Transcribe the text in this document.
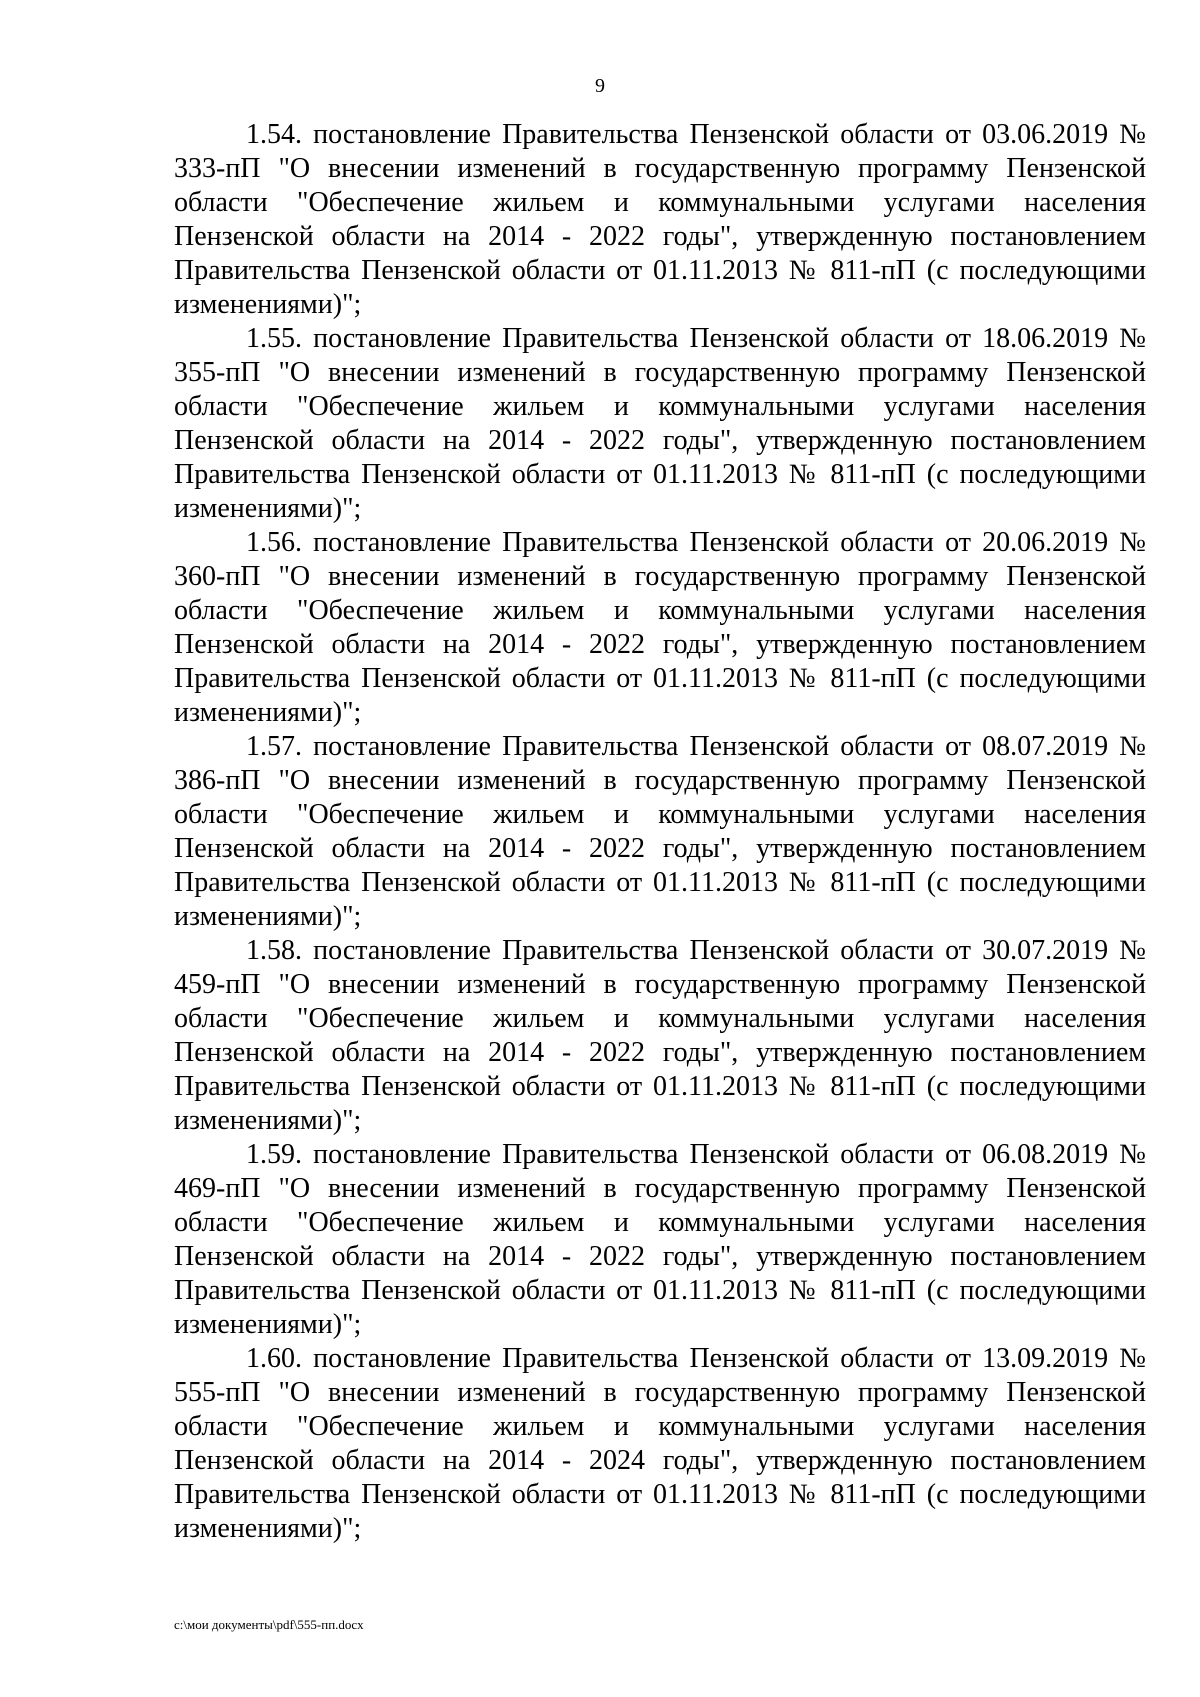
9

1.54. постановление Правительства Пензенской области от 03.06.2019 № 333-пП "О внесении изменений в государственную программу Пензенской области "Обеспечение жильем и коммунальными услугами населения Пензенской области на 2014 - 2022 годы", утвержденную постановлением Правительства Пензенской области от 01.11.2013 № 811-пП (с последующими изменениями)";

1.55. постановление Правительства Пензенской области от 18.06.2019 № 355-пП "О внесении изменений в государственную программу Пензенской области "Обеспечение жильем и коммунальными услугами населения Пензенской области на 2014 - 2022 годы", утвержденную постановлением Правительства Пензенской области от 01.11.2013 № 811-пП (с последующими изменениями)";

1.56. постановление Правительства Пензенской области от 20.06.2019 № 360-пП "О внесении изменений в государственную программу Пензенской области "Обеспечение жильем и коммунальными услугами населения Пензенской области на 2014 - 2022 годы", утвержденную постановлением Правительства Пензенской области от 01.11.2013 № 811-пП (с последующими изменениями)";

1.57. постановление Правительства Пензенской области от 08.07.2019 № 386-пП "О внесении изменений в государственную программу Пензенской области "Обеспечение жильем и коммунальными услугами населения Пензенской области на 2014 - 2022 годы", утвержденную постановлением Правительства Пензенской области от 01.11.2013 № 811-пП (с последующими изменениями)";

1.58. постановление Правительства Пензенской области от 30.07.2019 № 459-пП "О внесении изменений в государственную программу Пензенской области "Обеспечение жильем и коммунальными услугами населения Пензенской области на 2014 - 2022 годы", утвержденную постановлением Правительства Пензенской области от 01.11.2013 № 811-пП (с последующими изменениями)";

1.59. постановление Правительства Пензенской области от 06.08.2019 № 469-пП "О внесении изменений в государственную программу Пензенской области "Обеспечение жильем и коммунальными услугами населения Пензенской области на 2014 - 2022 годы", утвержденную постановлением Правительства Пензенской области от 01.11.2013 № 811-пП (с последующими изменениями)";

1.60. постановление Правительства Пензенской области от 13.09.2019 № 555-пП "О внесении изменений в государственную программу Пензенской области "Обеспечение жильем и коммунальными услугами населения Пензенской области на 2014 - 2024 годы", утвержденную постановлением Правительства Пензенской области от 01.11.2013 № 811-пП (с последующими изменениями)";

c:\мои документы\pdf\555-пп.docx
